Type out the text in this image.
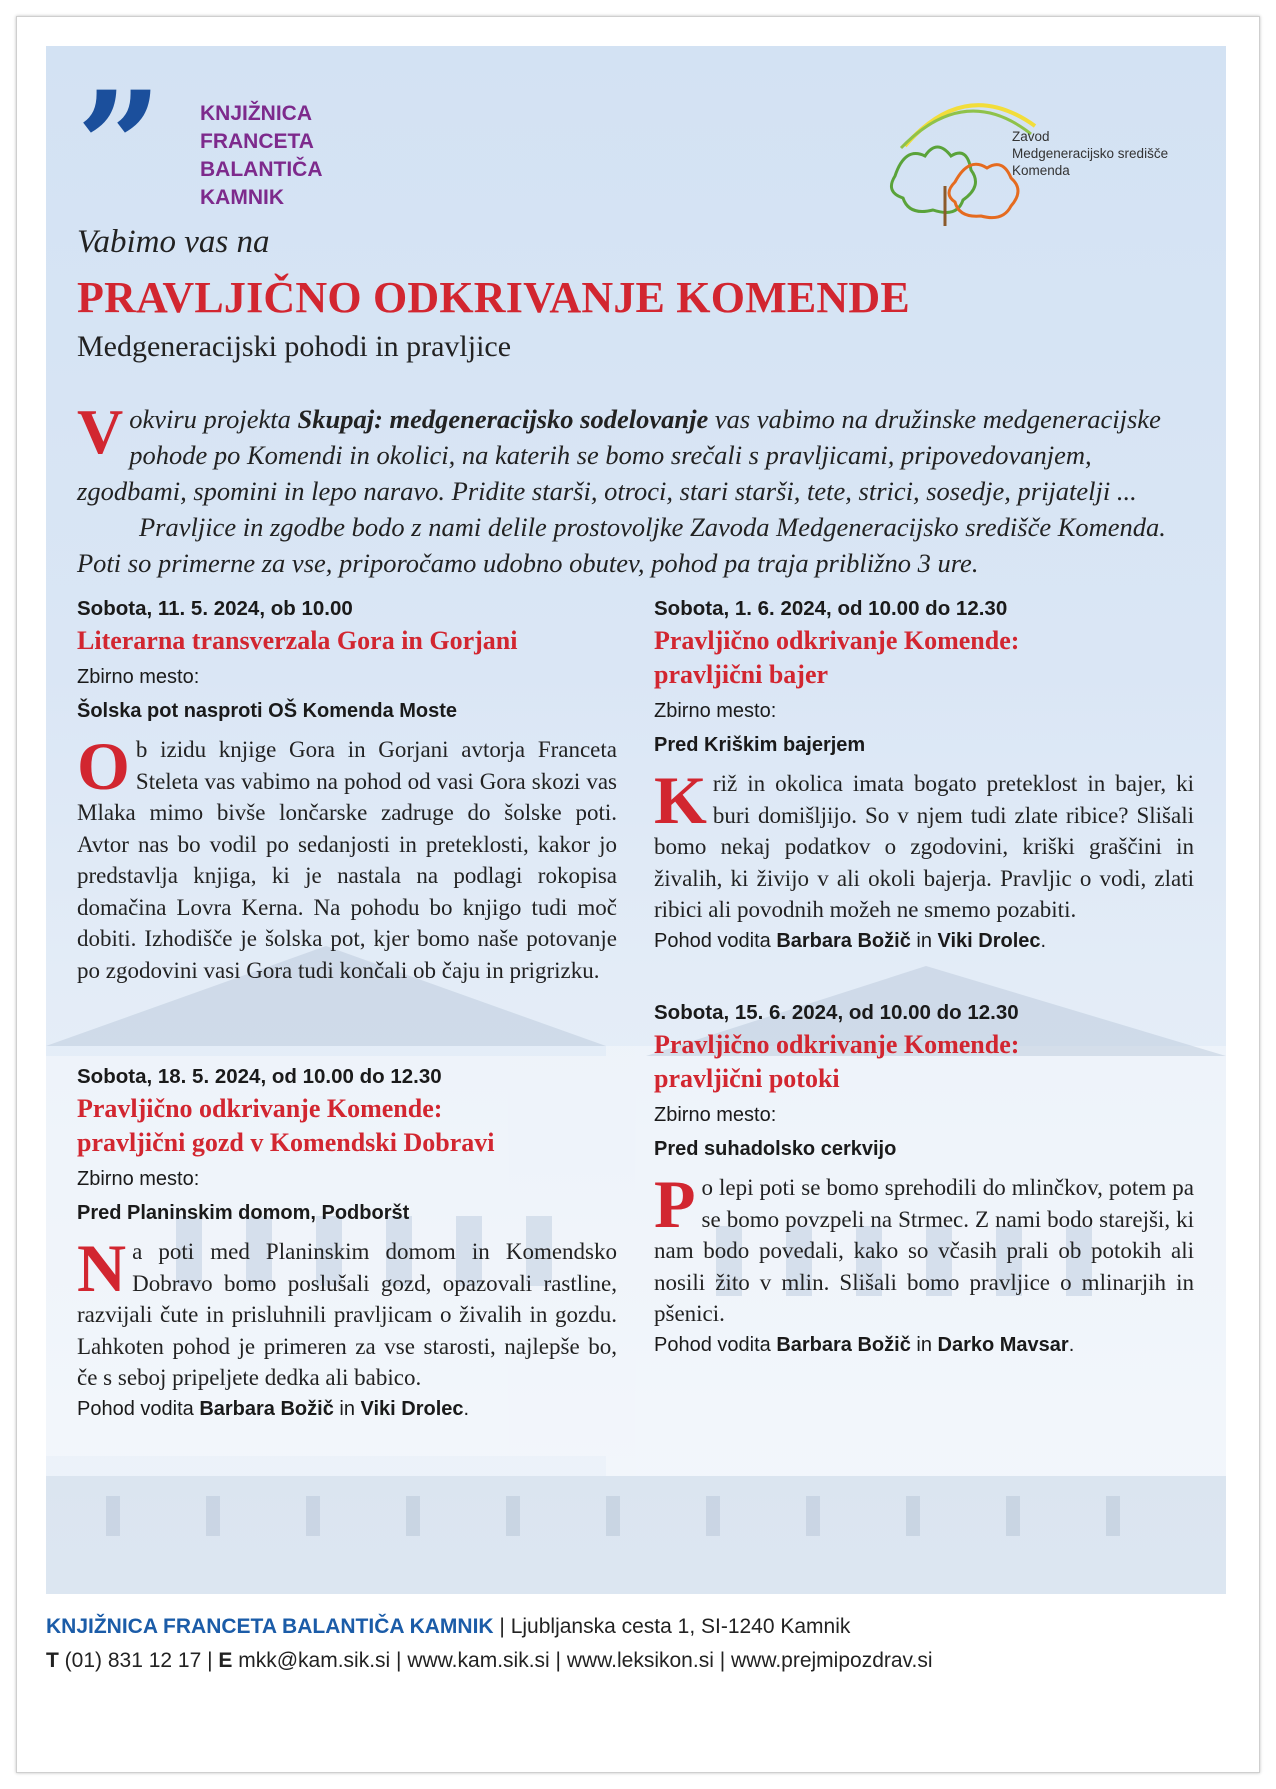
” KNJIŽNICA
FRANCETA
BALANTIČA
KAMNIK
Zavod
Medgeneracijsko središče
Komenda
Vabimo vas na
PRAVLJIČNO ODKRIVANJE KOMENDE
Medgeneracijski pohodi in pravljice

Vokviru projekta Skupaj: medgeneracijsko sodelovanje vas vabimo na družinske medgeneracijske pohode po Komendi in okolici, na katerih se bomo srečali s pravljicami, pripovedovanjem, zgodbami, spomini in lepo naravo. Pridite starši, otroci, stari starši, tete, strici, sosedje, prijatelji ...

Pravljice in zgodbe bodo z nami delile prostovoljke Zavoda Medgeneracijsko središče Komenda. Poti so primerne za vse, priporočamo udobno obutev, pohod pa traja približno 3 ure.

Sobota, 11. 5. 2024, ob 10.00
Literarna transverzala Gora in Gorjani
Zbirno mesto:
Šolska pot nasproti OŠ Komenda Moste
Ob izidu knjige Gora in Gorjani avtorja Franceta Steleta vas vabimo na pohod od vasi Gora skozi vas Mlaka mimo bivše lončarske zadruge do šolske poti. Avtor nas bo vodil po sedanjosti in preteklosti, kakor jo predstavlja knjiga, ki je nastala na podlagi rokopisa domačina Lovra Kerna. Na pohodu bo knjigo tudi moč dobiti. Izhodišče je šolska pot, kjer bomo naše potovanje po zgodovini vasi Gora tudi končali ob čaju in prigrizku.
Sobota, 18. 5. 2024, od 10.00 do 12.30
Pravljično odkrivanje Komende:
pravljični gozd v Komendski Dobravi
Zbirno mesto:
Pred Planinskim domom, Podboršt
Na poti med Planinskim domom in Komendsko Dobravo bomo poslušali gozd, opazovali rastline, razvijali čute in prisluhnili pravljicam o živalih in gozdu. Lahkoten pohod je primeren za vse starosti, najlepše bo, če s seboj pripeljete dedka ali babico.
Pohod vodita Barbara Božič in Viki Drolec.
Sobota, 1. 6. 2024, od 10.00 do 12.30
Pravljično odkrivanje Komende:
pravljični bajer
Zbirno mesto:
Pred Kriškim bajerjem
Križ in okolica imata bogato preteklost in bajer, ki buri domišljijo. So v njem tudi zlate ribice? Slišali bomo nekaj podatkov o zgodovini, kriški graščini in živalih, ki živijo v ali okoli bajerja. Pravljic o vodi, zlati ribici ali povodnih možeh ne smemo pozabiti.
Pohod vodita Barbara Božič in Viki Drolec.
Sobota, 15. 6. 2024, od 10.00 do 12.30
Pravljično odkrivanje Komende:
pravljični potoki
Zbirno mesto:
Pred suhadolsko cerkvijo
Po lepi poti se bomo sprehodili do mlinčkov, potem pa se bomo povzpeli na Strmec. Z nami bodo starejši, ki nam bodo povedali, kako so včasih prali ob potokih ali nosili žito v mlin. Slišali bomo pravljice o mlinarjih in pšenici.
Pohod vodita Barbara Božič in Darko Mavsar.
KNJIŽNICA FRANCETA BALANTIČA KAMNIK | Ljubljanska cesta 1, SI-1240 Kamnik
T (01) 831 12 17 | E mkk@kam.sik.si | www.kam.sik.si | www.leksikon.si | www.prejmipozdrav.si
